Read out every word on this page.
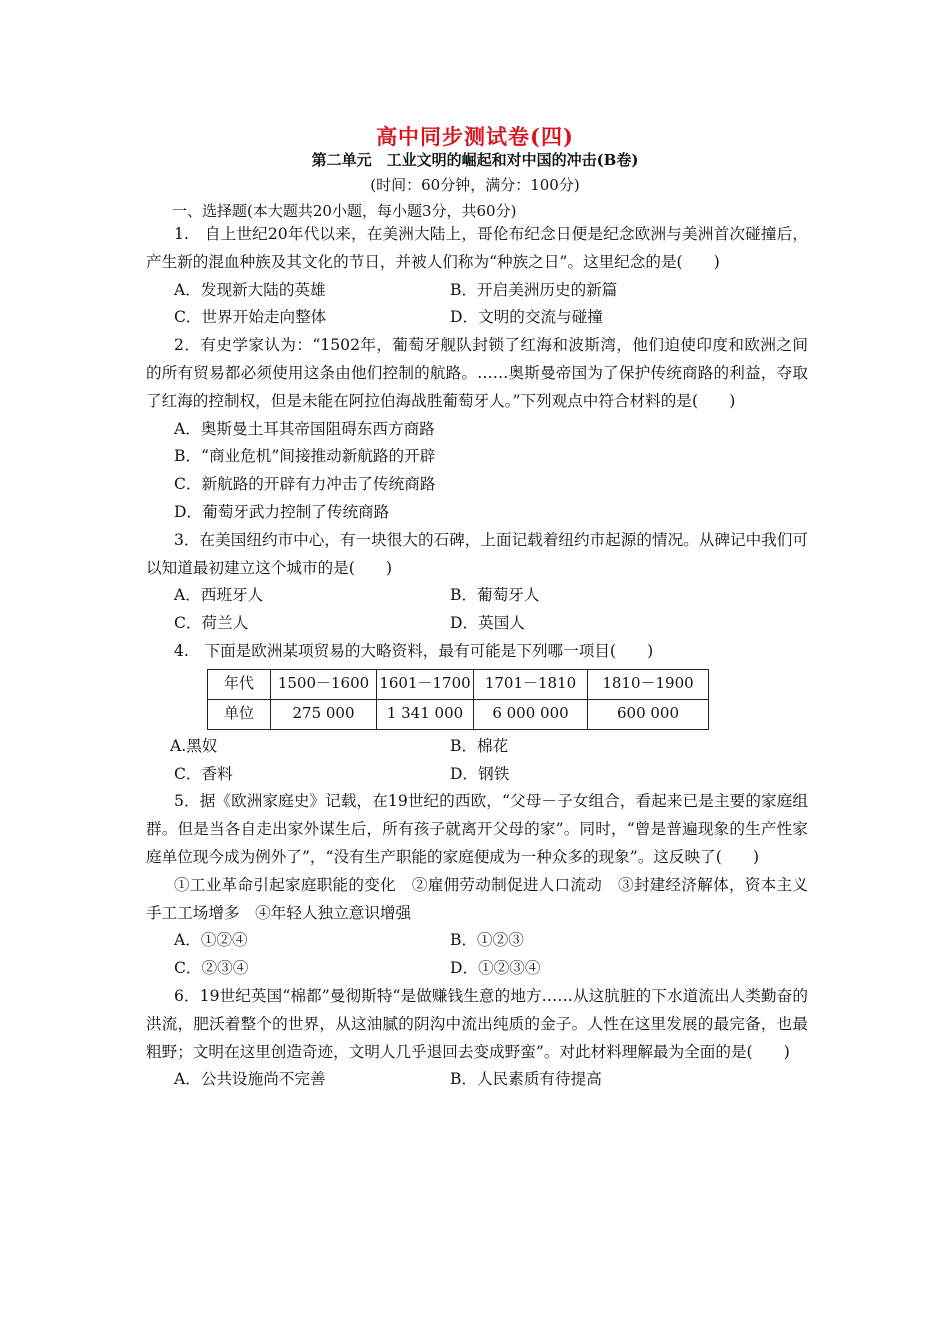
高中同步测试卷(四)
第二单元　工业文明的崛起和对中国的冲击(B卷)
(时间：60分钟，满分：100分)
一、选择题(本大题共20小题，每小题3分，共60分)

1.　自上世纪20年代以来，在美洲大陆上，哥伦布纪念日便是纪念欧洲与美洲首次碰撞后，产生新的混血种族及其文化的节日，并被人们称为“种族之日”。这里纪念的是(　　)

A．发现新大陆的英雄	B．开启美洲历史的新篇
C．世界开始走向整体	D．文明的交流与碰撞

2．有史学家认为：“1502年，葡萄牙舰队封锁了红海和波斯湾，他们迫使印度和欧洲之间的所有贸易都必须使用这条由他们控制的航路。……奥斯曼帝国为了保护传统商路的利益，夺取了红海的控制权，但是未能在阿拉伯海战胜葡萄牙人。”下列观点中符合材料的是(　　)

A．奥斯曼土耳其帝国阻碍东西方商路
B．“商业危机”间接推动新航路的开辟
C．新航路的开辟有力冲击了传统商路
D．葡萄牙武力控制了传统商路

3．在美国纽约市中心，有一块很大的石碑，上面记载着纽约市起源的情况。从碑记中我们可以知道最初建立这个城市的是(　　)

A．西班牙人	B．葡萄牙人
C．荷兰人	D．英国人

4.　下面是欧洲某项贸易的大略资料，最有可能是下列哪一项目(　　)

年代	1500－1600	1601－1700	1701－1810	1810－1900
单位	275 000	1 341 000	6 000 000	600 000
A.黑奴	B．棉花
C．香料	D．钢铁

5．据《欧洲家庭史》记载，在19世纪的西欧，“父母－子女组合，看起来已是主要的家庭组群。但是当各自走出家外谋生后，所有孩子就离开父母的家”。同时，“曾是普遍现象的生产性家庭单位现今成为例外了”，“没有生产职能的家庭便成为一种众多的现象”。这反映了(　　)

①工业革命引起家庭职能的变化　②雇佣劳动制促进人口流动　③封建经济解体，资本主义手工工场增多　④年轻人独立意识增强

A．①②④	B．①②③
C．②③④	D．①②③④

6．19世纪英国“棉都”曼彻斯特“是做赚钱生意的地方……从这肮脏的下水道流出人类勤奋的洪流，肥沃着整个的世界，从这油腻的阴沟中流出纯质的金子。人性在这里发展的最完备，也最粗野；文明在这里创造奇迹，文明人几乎退回去变成野蛮”。对此材料理解最为全面的是(　　)

A．公共设施尚不完善	B．人民素质有待提高
